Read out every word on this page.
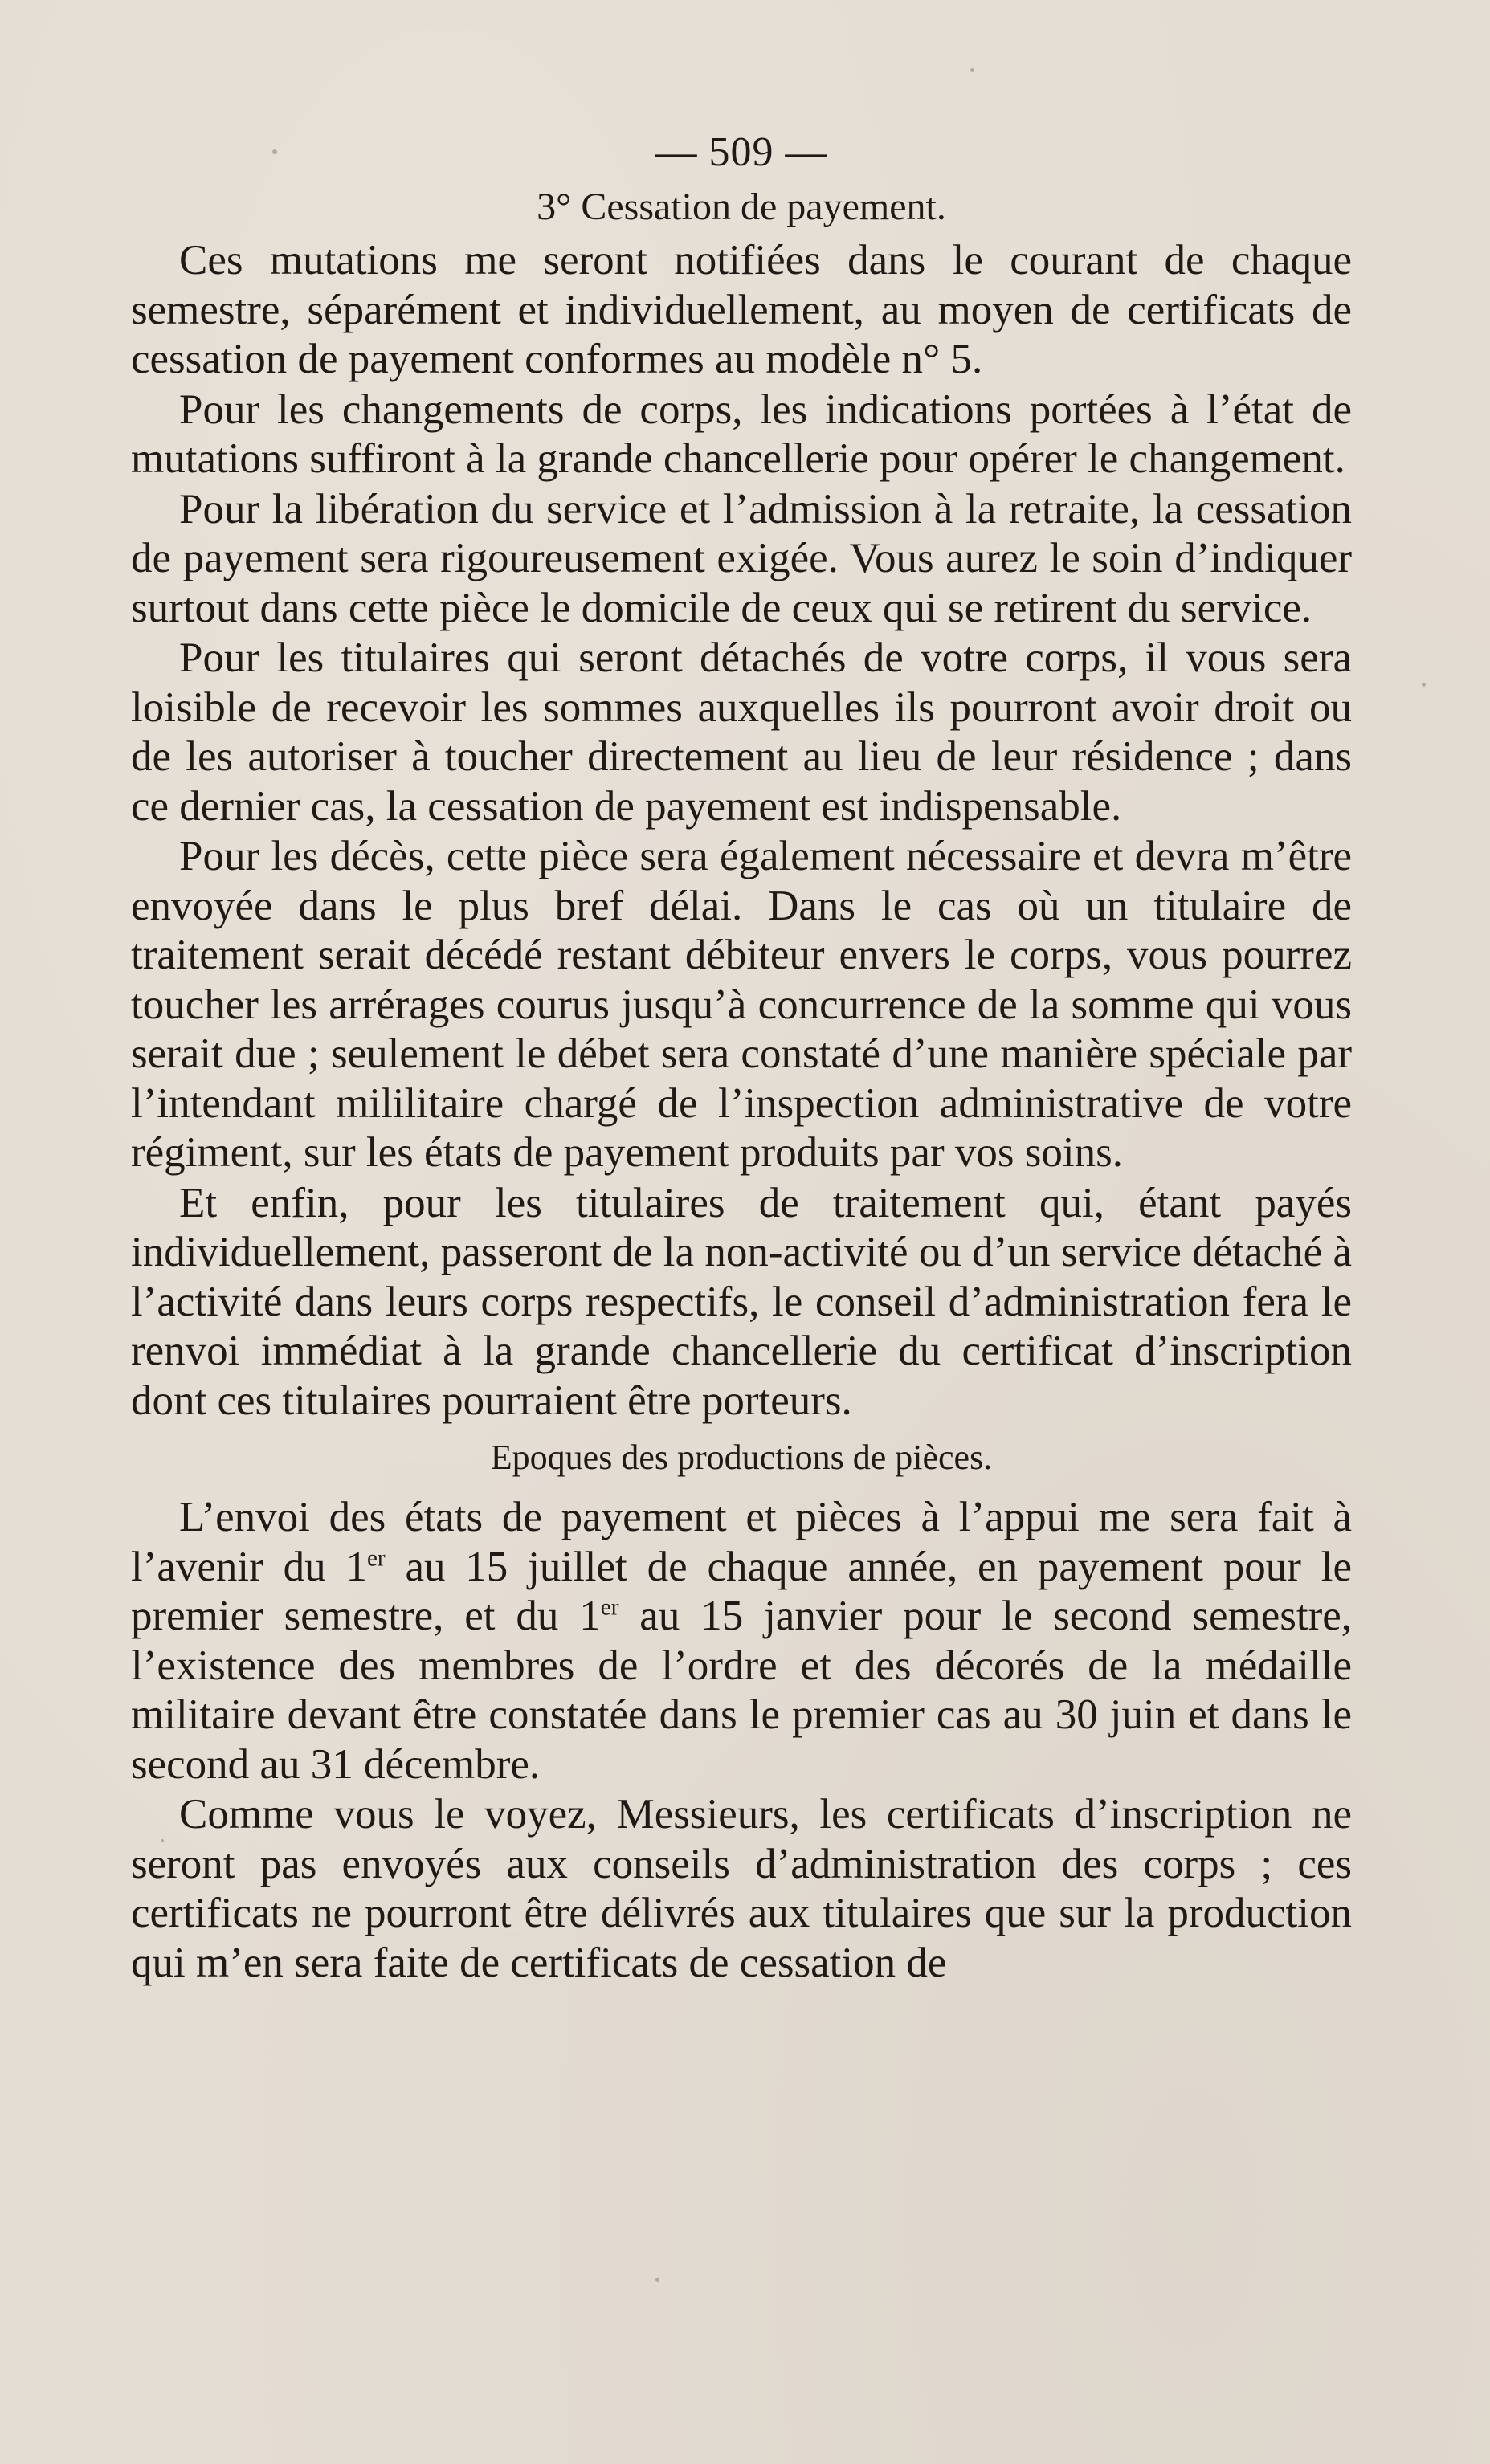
— 509 —
3° Cessation de payement.

Ces mutations me seront notifiées dans le courant de chaque semestre, séparément et individuellement, au moyen de certificats de cessation de payement conformes au modèle n° 5.

Pour les changements de corps, les indications portées à l’état de mutations suffiront à la grande chancellerie pour opérer le changement.

Pour la libération du service et l’admission à la retraite, la cessation de payement sera rigoureusement exigée. Vous aurez le soin d’indiquer surtout dans cette pièce le domicile de ceux qui se retirent du service.

Pour les titulaires qui seront détachés de votre corps, il vous sera loisible de recevoir les sommes auxquelles ils pourront avoir droit ou de les autoriser à toucher directement au lieu de leur résidence ; dans ce dernier cas, la cessation de payement est indispensable.

Pour les décès, cette pièce sera également nécessaire et devra m’être envoyée dans le plus bref délai. Dans le cas où un titulaire de traitement serait décédé restant débiteur envers le corps, vous pourrez toucher les arrérages courus jusqu’à concurrence de la somme qui vous serait due ; seulement le débet sera constaté d’une manière spéciale par l’intendant mililitaire chargé de l’inspection administrative de votre régiment, sur les états de payement produits par vos soins.

Et enfin, pour les titulaires de traitement qui, étant payés individuellement, passeront de la non-activité ou d’un service détaché à l’activité dans leurs corps respectifs, le conseil d’administration fera le renvoi immédiat à la grande chancellerie du certificat d’inscription dont ces titulaires pourraient être porteurs.

Epoques des productions de pièces.

L’envoi des états de payement et pièces à l’appui me sera fait à l’avenir du 1er au 15 juillet de chaque année, en payement pour le premier semestre, et du 1er au 15 janvier pour le second semestre, l’existence des membres de l’ordre et des décorés de la médaille militaire devant être constatée dans le premier cas au 30 juin et dans le second au 31 décembre.

Comme vous le voyez, Messieurs, les certificats d’inscription ne seront pas envoyés aux conseils d’administration des corps ; ces certificats ne pourront être délivrés aux titulaires que sur la production qui m’en sera faite de certificats de cessation de
